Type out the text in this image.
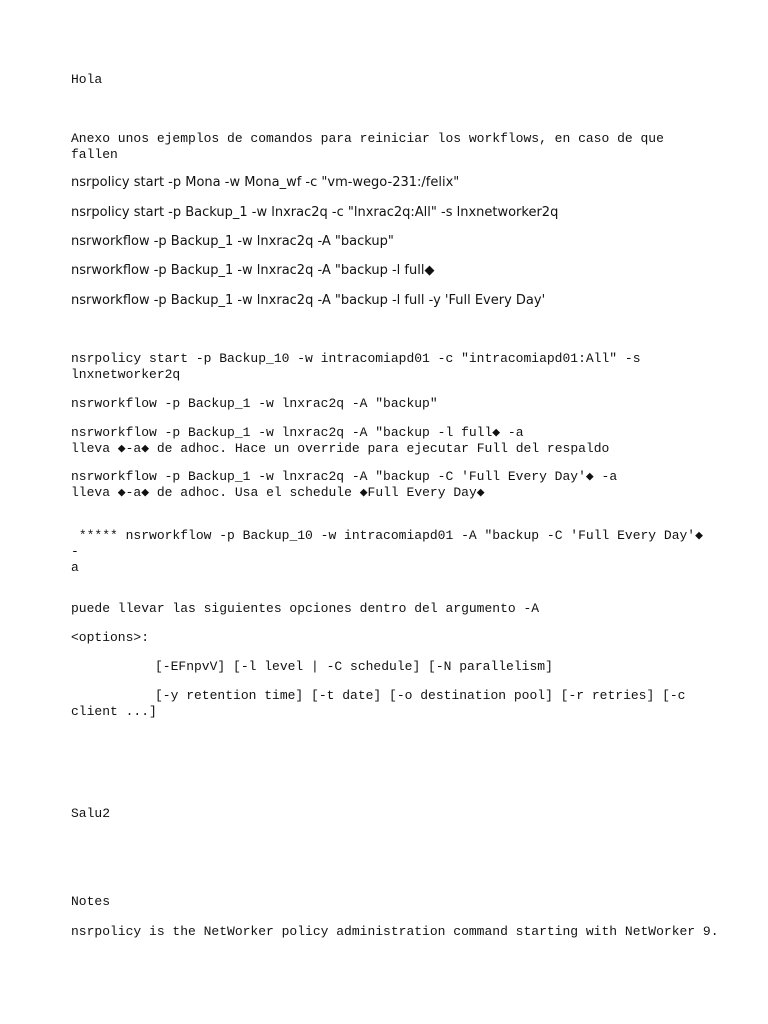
Hola
Anexo unos ejemplos de comandos para reiniciar los workflows, en caso de que fallen
nsrpolicy start -p Mona -w Mona_wf -c "vm-wego-231:/felix"
nsrpolicy start -p Backup_1 -w lnxrac2q -c "lnxrac2q:All" -s lnxnetworker2q
nsrworkflow -p Backup_1 -w lnxrac2q -A "backup"
nsrworkflow -p Backup_1 -w lnxrac2q -A "backup -l full◆
nsrworkflow -p Backup_1 -w lnxrac2q -A "backup -l full -y 'Full Every Day'
nsrpolicy start -p Backup_10 -w intracomiapd01 -c "intracomiapd01:All" -s lnxnetworker2q
nsrworkflow -p Backup_1 -w lnxrac2q -A "backup"
nsrworkflow -p Backup_1 -w lnxrac2q -A "backup -l full◆ -a
lleva ◆-a◆ de adhoc. Hace un override para ejecutar Full del respaldo
nsrworkflow -p Backup_1 -w lnxrac2q -A "backup -C 'Full Every Day'◆ -a
lleva ◆-a◆ de adhoc. Usa el schedule ◆Full Every Day◆
***** nsrworkflow -p Backup_10 -w intracomiapd01 -A "backup -C 'Full Every Day'◆ -
a
puede llevar las siguientes opciones dentro del argumento -A
<options>:
[-EFnpvV] [-l level | -C schedule] [-N parallelism]
[-y retention time] [-t date] [-o destination pool] [-r retries] [-c
client ...]
Salu2
Notes
nsrpolicy is the NetWorker policy administration command starting with NetWorker 9.
